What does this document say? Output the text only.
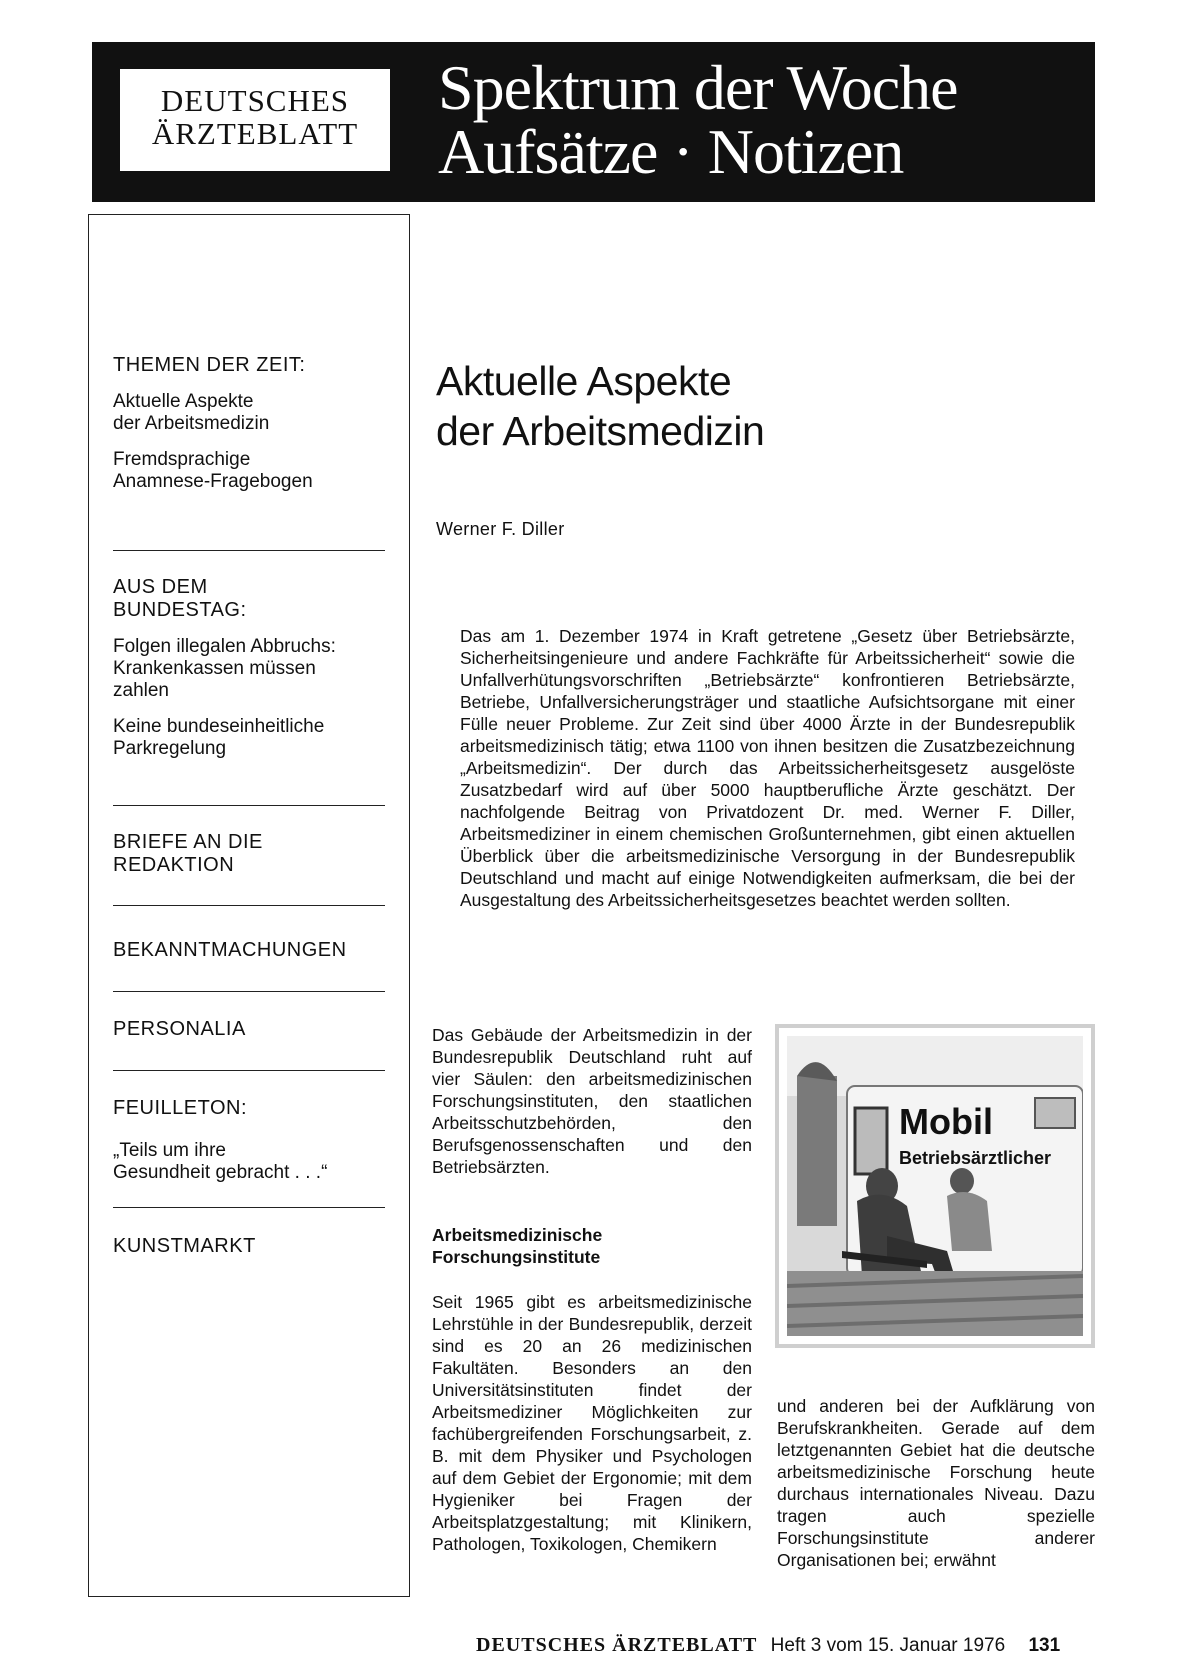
DEUTSCHES
ÄRZTEBLATT
Spektrum der Woche
Aufsätze · Notizen
THEMEN DER ZEIT:
Aktuelle Aspekte
der Arbeitsmedizin
Fremdsprachige
Anamnese-Fragebogen
AUS DEM
BUNDESTAG:
Folgen illegalen Abbruchs:
Krankenkassen müssen
zahlen
Keine bundeseinheitliche
Parkregelung
BRIEFE AN DIE
REDAKTION
BEKANNTMACHUNGEN
PERSONALIA
FEUILLETON:
„Teils um ihre
Gesundheit gebracht . . .“
KUNSTMARKT
Aktuelle Aspekte
der Arbeitsmedizin
Werner F. Diller

Das am 1. Dezember 1974 in Kraft getretene „Gesetz über Betriebsärzte, Sicherheitsingenieure und andere Fachkräfte für Arbeitssicherheit“ sowie die Unfallverhütungsvorschriften „Betriebsärzte“ konfrontieren Betriebsärzte, Betriebe, Unfallversicherungsträger und staatliche Aufsichtsorgane mit einer Fülle neuer Probleme. Zur Zeit sind über 4000 Ärzte in der Bundesrepublik arbeitsmedizinisch tätig; etwa 1100 von ihnen besitzen die Zusatzbezeichnung „Arbeitsmedizin“. Der durch das Arbeitssicherheitsgesetz ausgelöste Zusatzbedarf wird auf über 5000 hauptberufliche Ärzte geschätzt. Der nachfolgende Beitrag von Privatdozent Dr. med. Werner F. Diller, Arbeitsmediziner in einem chemischen Großunternehmen, gibt einen aktuellen Überblick über die arbeitsmedizinische Versorgung in der Bundesrepublik Deutschland und macht auf einige Notwendigkeiten aufmerksam, die bei der Ausgestaltung des Arbeitssicherheitsgesetzes beachtet werden sollten.

Das Gebäude der Arbeitsmedizin in der Bundesrepublik Deutschland ruht auf vier Säulen: den arbeitsmedizinischen Forschungsinstituten, den staatlichen Arbeitsschutzbehörden, den Berufsgenossenschaften und den Betriebsärzten.

Arbeitsmedizinische
Forschungsinstitute

Seit 1965 gibt es arbeitsmedizinische Lehrstühle in der Bundesrepublik, derzeit sind es 20 an 26 medizinischen Fakultäten. Besonders an den Universitätsinstituten findet der Arbeitsmediziner Möglichkeiten zur fachübergreifenden Forschungsarbeit, z. B. mit dem Physiker und Psychologen auf dem Gebiet der Ergonomie; mit dem Hygieniker bei Fragen der Arbeitsplatzgestaltung; mit Klinikern, Pathologen, Toxikologen, Chemikern

Mobil
Betriebsärztlicher

und anderen bei der Aufklärung von Berufskrankheiten. Gerade auf dem letztgenannten Gebiet hat die deutsche arbeitsmedizinische Forschung heute durchaus internationales Niveau. Dazu tragen auch spezielle Forschungsinstitute anderer Organisationen bei; erwähnt

DEUTSCHES ÄRZTEBLATT Heft 3 vom 15. Januar 1976 131
